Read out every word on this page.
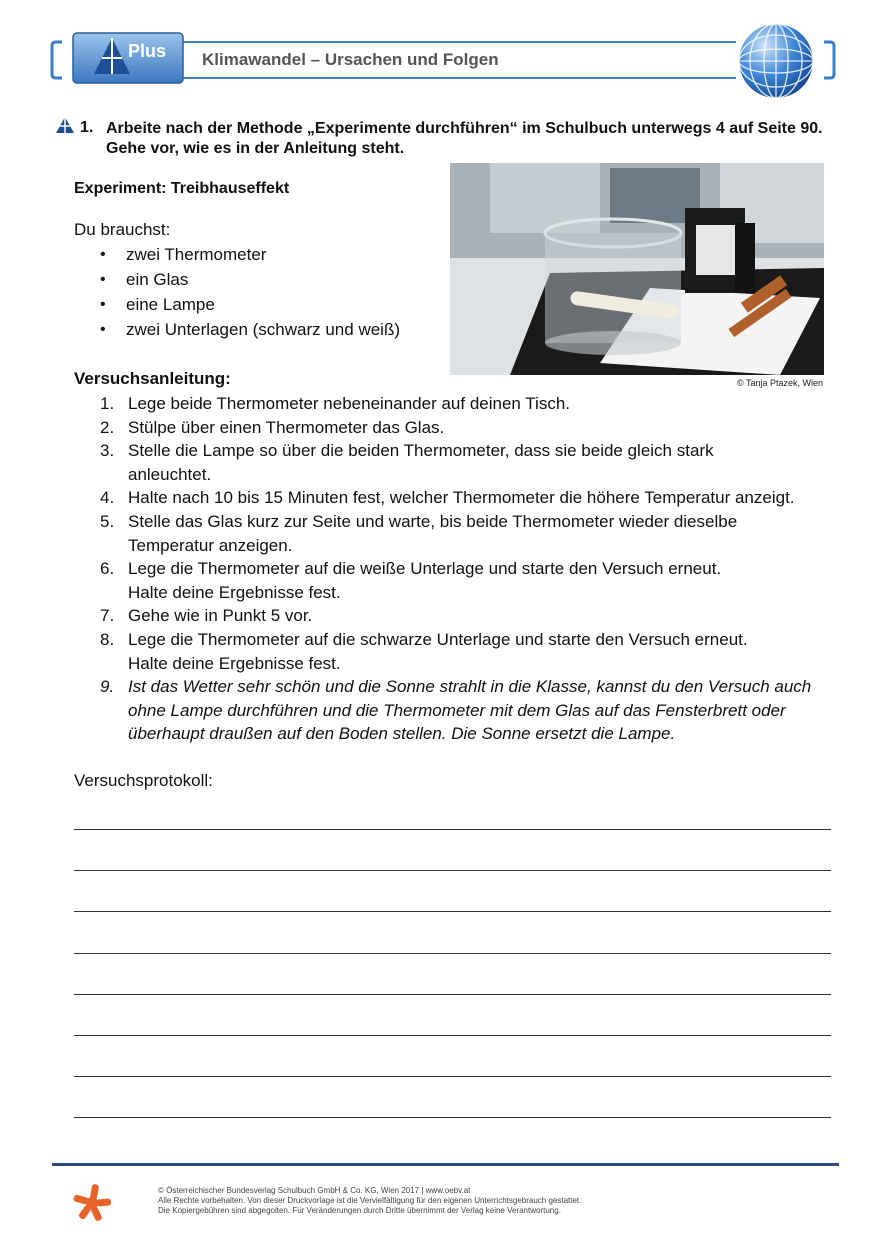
Plus Klimawandel – Ursachen und Folgen
1. Arbeite nach der Methode „Experimente durchführen“ im Schulbuch unterwegs 4 auf Seite 90. Gehe vor, wie es in der Anleitung steht.
Experiment: Treibhauseffekt
Du brauchst:
• zwei Thermometer
• ein Glas
• eine Lampe
• zwei Unterlagen (schwarz und weiß)
© Tanja Ptazek, Wien
Versuchsanleitung:
1. Lege beide Thermometer nebeneinander auf deinen Tisch.
2. Stülpe über einen Thermometer das Glas.
3. Stelle die Lampe so über die beiden Thermometer, dass sie beide gleich stark anleuchtet.
4. Halte nach 10 bis 15 Minuten fest, welcher Thermometer die höhere Temperatur anzeigt.
5. Stelle das Glas kurz zur Seite und warte, bis beide Thermometer wieder dieselbe Temperatur anzeigen.
6. Lege die Thermometer auf die weiße Unterlage und starte den Versuch erneut. Halte deine Ergebnisse fest.
7. Gehe wie in Punkt 5 vor.
8. Lege die Thermometer auf die schwarze Unterlage und starte den Versuch erneut. Halte deine Ergebnisse fest.
9. Ist das Wetter sehr schön und die Sonne strahlt in die Klasse, kannst du den Versuch auch ohne Lampe durchführen und die Thermometer mit dem Glas auf das Fensterbrett oder überhaupt draußen auf den Boden stellen. Die Sonne ersetzt die Lampe.
Versuchsprotokoll:
© Österreichischer Bundesverlag Schulbuch GmbH & Co. KG, Wien 2017 | www.oebv.at
Alle Rechte vorbehalten. Von dieser Druckvorlage ist die Vervielfältigung für den eigenen Unterrichtsgebrauch gestattet.
Die Kopiergebühren sind abgegolten. Für Veränderungen durch Dritte übernimmt der Verlag keine Verantwortung.
